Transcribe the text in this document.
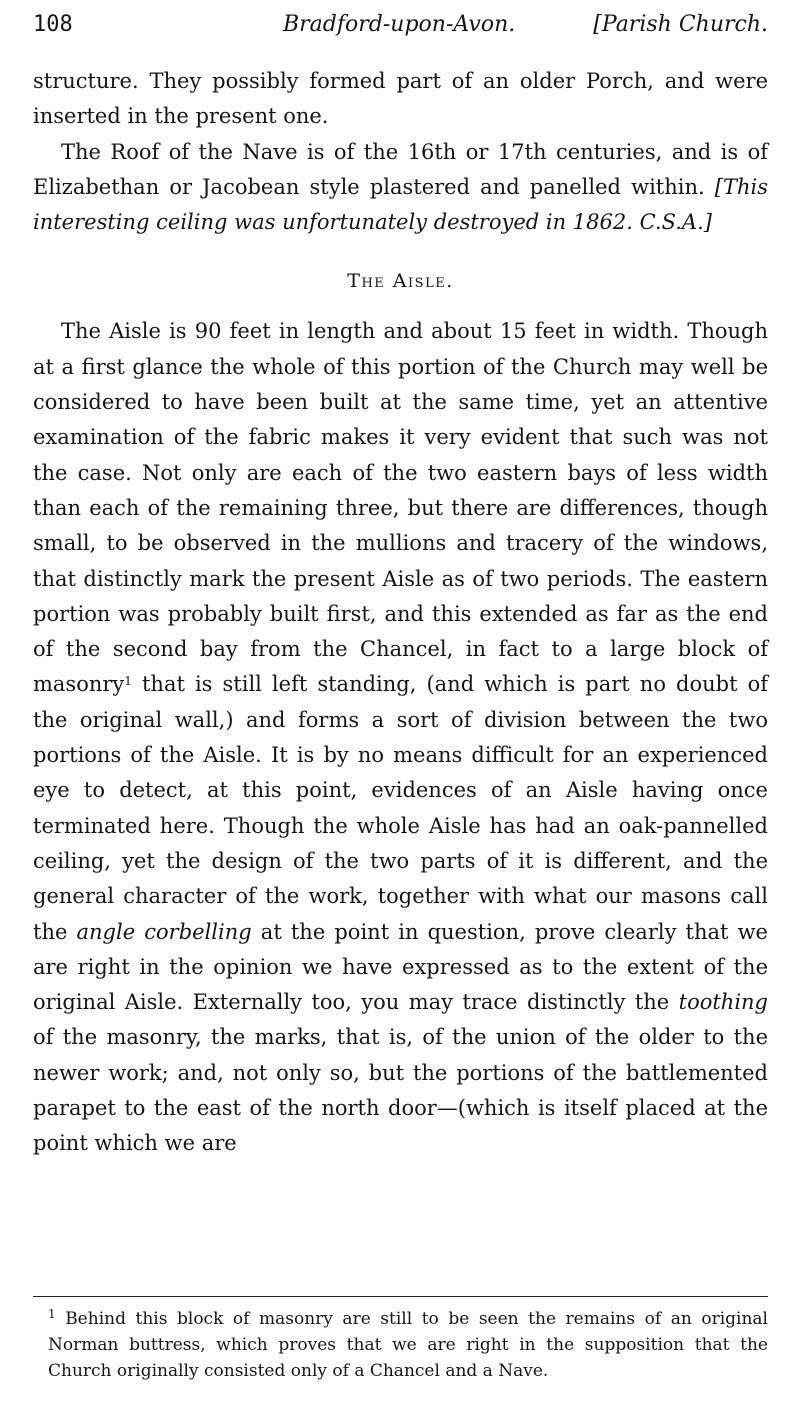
108	Bradford-upon-Avon.	[Parish Church.

structure. They possibly formed part of an older Porch, and were inserted in the present one.

The Roof of the Nave is of the 16th or 17th centuries, and is of Elizabethan or Jacobean style plastered and panelled within. [This interesting ceiling was unfortunately destroyed in 1862. C.S.A.]

The Aisle.

The Aisle is 90 feet in length and about 15 feet in width. Though at a first glance the whole of this portion of the Church may well be considered to have been built at the same time, yet an attentive examination of the fabric makes it very evident that such was not the case. Not only are each of the two eastern bays of less width than each of the remaining three, but there are differences, though small, to be observed in the mullions and tracery of the windows, that distinctly mark the present Aisle as of two periods. The eastern portion was probably built first, and this extended as far as the end of the second bay from the Chancel, in fact to a large block of masonry$^1$ that is still left standing, (and which is part no doubt of the original wall,) and forms a sort of division between the two portions of the Aisle. It is by no means difficult for an experienced eye to detect, at this point, evidences of an Aisle having once terminated here. Though the whole Aisle has had an oak-pannelled ceiling, yet the design of the two parts of it is different, and the general character of the work, together with what our masons call the angle corbelling at the point in question, prove clearly that we are right in the opinion we have expressed as to the extent of the original Aisle. Externally too, you may trace distinctly the toothing of the masonry, the marks, that is, of the union of the older to the newer work; and, not only so, but the portions of the battlemented parapet to the east of the north door—(which is itself placed at the point which we are

$^1$ Behind this block of masonry are still to be seen the remains of an original Norman buttress, which proves that we are right in the supposition that the Church originally consisted only of a Chancel and a Nave.
